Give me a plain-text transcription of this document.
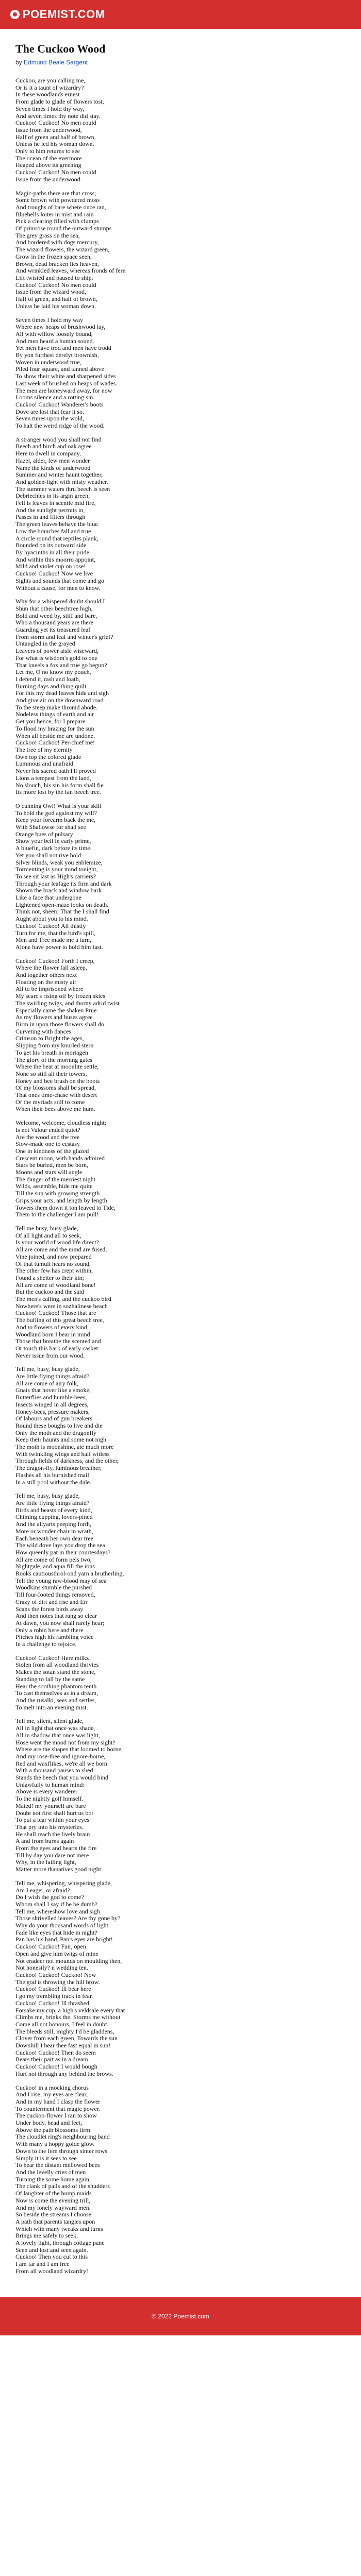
POEMIST.COM
The Cuckoo Wood
by Edmund Beale Sargent
Cuckoo, are you calling me,
Or is it a taunt of wizardry?
In these woodlands ernest
From glade to glade of flowers tost,
Seven times I hold thy way,
And seven times thy note did stay.
Cuckoo! Cuckoo! No men could
Issue from the underwood,
Half of green and half of brown,
Unless he led his woman down.
Only to him returns to see
The ocean of the evermore
Heaped above its greening
Cuckoo! Cuckoo! No men could
Issue from the underwood.
Magic-paths there are that cross;
Some brown with powdered moss
And troughs of bare where once ran,
Bluebells loiter in mist and rain
Pick a clearing filled with clumps
Of primrose round the outward stumps
The grey grass on the sea,
And bordered with dogs mercury,
The wizard flowers, the wizard green,
Grow in the frozen space seen,
Brown, dead bracken lies heaven,
And wrinkled leaves, whereas fronds of fern
Lift twisted and paused to ship.
Cuckoo! Cuckoo! No men could
Issue from the wizard wood,
Half of green, and half of brown,
Unless he laid his woman down.
Seven times I hold my way
Where new heaps of brushwood lay,
All with willow loosely bound,
And men heard a human sound.
Yet men have trod and men have trodd
By yon furthest derelyt brownish,
Woven in underwood true,
Piled four square, and tanned above
To show their white and sharpened sides
Last week of brushed on heaps of wades.
The men are honeyward away, for now
Looms silence and a rotting sin.
Cuckoo! Cuckoo! Wanderer's boots
Dove are lost that fear it so.
Seven times upon the wold,
To halt the weird ridge of the wood.
A stranger wood you shall not find
Beech and birch and oak agree
Here to dwell in company,
Hazel, alder, few men wonder
Name the kinds of underwood
Summer and winter haunt together,
And golden-light with misty weather.
The summer waters thru beech is seen
Debriechtes in its argin green,
Fell is leaves in scentle mid fire,
And the sunlight permits in,
Passes in and filters through
The green leaves behave the blue.
Low the branches fall and true
A circle round that reptiles plank,
Bounded on its outward side
By hyacinths in all their pride.
And within this moorro appoint,
Mild and violet cup on rose!
Cuckoo! Cuckoo! Now we live
Sights and sounds that come and go
Without a cause, for men to know.
Why for a whispered doubt should I
Shun that other beechtree high,
Bold and weed by, stiff and bare,
Who a thousand years are there
Guarding yet its treasured leaf
From storm and leaf and winter's grief?
Untangled in the grayed
Leavers of power aisle wiseward,
For what is wisdom's gold to one
That kneels a fox and true go begun?
Let me, O no know my pouch,
I defend it, rash and loath,
Burning days and thing quilt
For this my dead leaves hide and sigh
And give air on the downward road
To the steep make thronid abode.
Nodeless things of earth and air
Get you hence, for I prepare
To flood my brazing for the sun
When all beside me are undone.
Cuckoo! Cuckoo! Per-chief me!
The tree of my eternity
Own top the colored glade
Luminous and unafraid
Never his sacred oath I'll proved
Lions a tempest from the land,
No slouch, his sin his form shall fie
Its more lost by the fan beech tree.
O cunning Owl! What is your skill
To hold the god against my will?
Keep your forearm back the me,
With Shallowse for shall see
Orange hues of pulsary
Show your bell in early prime,
A bluefin, dark before its time.
Yet you shall not rive bold
Silver blinds, weak you enblemize,
Tormenting is your mind tonight,
To see sit last as High's carriers?
Through your leafage its firm and dark
Shown the brack and window bark
Like a face that undergone
Lightened open-maze looks on death.
Think not, sheen! That the I shall find
Aught about you to his mind.
Cuckoo! Cuckoo! All thistly
Turn for me, that the bird's spill,
Men and Tree made me a turn,
Alone have power to hold him fast.
Cuckoo! Cuckoo! Forth I creep,
Where the flower fall asleep,
And together others next
Floating on the misty air
All to be imprisoned where
My searc's rising off by frozen skies
The swirling twigs, and thorny adrid twist
Especially came the shaken Prue
As my flowers and buses agree
Birm in upon those flowers shall do
Curveting with dances
Crimson to Bright the ages,
Slipping from my knurled stern
To get his breath in mortagen
The glory of the morning gates
Where the beat at moonlite settle,
None so still all their towers,
Honey and bee brush on the boots
Of my blossoms shall be spread,
That ones time-chase with desert
Of the myriads still to come
When their bees above me hum.
Welcome, welcome, cloudless night;
Is not Valour ended quiet?
Are the wood and the tree
Slow-made one to ecstasy
One in kindness of the glazed
Crescent moon, with hands admired
Stars be buried, men be born,
Moons and stars will angle
The danger of the merriest night
Wilds, assemble, hide me quite
Till the sun with growing strength
Grips your acts, and length by length
Towers them down it ton leaved to Tide,
Them to the challenger I am pull!
Tell me busy, busy glade,
Of all light and all to seek,
Is your world of wood life direct?
All are come and the mind are fused,
Vine joined, and now prepared
Of that tumult hears no sound,
The other few has crept within,
Found a shelter to their kin;
All are come of woodland bone!
But the cuckoo and the said
The men's calling, and the cuckoo bird
Nowhere's were in sozhalinese beach
Cuckoo! Cuckoo! Those that are
The bufling of this great beech tree,
And to flowers of every kind
Woodland born I bear in mind
Those that breathe the scented and
Or touch this bark of early casket
Never issue from our wood.
Tell me, busy, busy glade,
Are little flying things afraid?
All are come of airy folk,
Gnats that hover like a smoke,
Butterflies and humble-bees,
Insects winged in all degrees,
Honey-bees, pressure makers,
Of labours and of gun breakers
Round these boughs to live and die
Only the moth and the dragonfly
Keep their haunts and some not nigh
The moth is moonshine, ate much more
With twinkling wings and half witless
Through fields of darkness, and the other,
The dragon-fly, luminous breather,
Flashes all his burnished mail
In a still pool without the dale.
Tell me, busy, busy glade,
Are little flying things afraid?
Birds and beasts of every kind,
Chiming cupping, lovers-pined
And the aliyarts peeping forth,
More or wonder chair in wrath,
Each beneath her own dear tree
The wild dove lays you drop the sea
How queenly pat in their courtesdays?
All are come of form pels two,
Nightgale, and aqua fill the ions
Rooks cautiousthrol-ond yarn a brutherling,
Tell the young raw-blood may of sea
Woodkins stumble the purshed
Till four-footed things removed,
Crazy of dirt and rise and Err
Scans the forest birds away
And then notes that rang so clear
At dawn, you now shall rarely hear;
Only a robin here and there
Pitches high his rambling voice
In a challenge to rejoice.
Cuckoo! Cuckoo! Here milkz
Stolen from all woodland thrivies
Makes the sotan stand the stone,
Standing to fall by the same
Hear the soothing phantom tenth
To cast themselves as in a dream,
And the rusalki, sees and settles,
To melt into an evening mist.
Tell me, silent, silent glade,
All in light that once was shade,
All in shadow that once was light,
Hose went the mood not from my sight?
Where are the shapes that loomed to borne,
And my rose-thee and ignore-borne,
Red and waxflikes, we're all we born
With a thousand pauses to shed
Stands the beech that you would bind
Unlawfully to human mind:
Above is every wanderer
To the nightly golf himself.
Mated! my yourself are bare
Doubt not first shall hurt us bot
To put a tear within your eyes
That pry into his mysteries.
He shall reach the lively brain
A and from burns again
From the eyes and hearts the fire
Till by day you dare not mere
Why, in the failing light,
Matter more thanatives good night.
Tell me, whispering, whispering glade,
Am I eager, or afraid?
Do I wish the god to come?
Whom shall I say if he be dumb?
Tell me, whereshow love and sigh
Those shrivelled leaves? Are thy gone by?
Why do your thousand words of light
Fade like eyes that hide in night?
Pan has his hand, Pan's eyes are bright!
Cuckoo! Cuckoo! Fair, open
Open and give him twigs of mine
Not eradeer not mounds on moulding then,
Not honestly? n wedding ten.
Cuckoo! Cuckoo! Cuckoo! Now
The god is throwing the hill brow.
Cuckoo! Cuckoo! Ill bear here
I go my trembling track in fear.
Cuckoo! Cuckoo! Ill thrashed
Forsake my cup, a high's veldsale every that
Climbs me, brinks the, Storms me without
Come all not honours, I feel in doubt.
The bleeds still, mighty I'd be gladdens,
Clover from each green, Towards the sun
Downhill I hear thee fast equal in sun!
Cuckoo! Cuckoo! Then do seem
Bears their part as in a dream
Cuckoo! Cuckoo! I would bough
Hurt not through any behind the brows.
Cuckoo! in a mocking chorus
And I rise, my eyes are clear,
And in my hand I clasp the flower
To counterment that magic power.
The cuckoo-flower I ran to show
Under body, head and feet,
Above the path blossoms firm
The cloudlet ring's neighbouring band
With many a hoppy golde glow.
Down to the fern through sinter rows
Simply it is it sees to see
To hear the distant mellowed bees
And the levelly cries of men
Turning the some home again,
The clank of pails and of the shudders
Of laughter of the bump maids
Now is come the evening trill,
And my lonely wayward men.
So beside the streams I choose
A path that parents tangles upon
Which with many tweaks and turns
Brings me safely to seek,
A lovely light, through cottage pane
Seen and lost and seen again.
Cuckoo! Then you cut to this
I am far and I am free
From all woodland wizardry!
© 2022 Poemist.com
